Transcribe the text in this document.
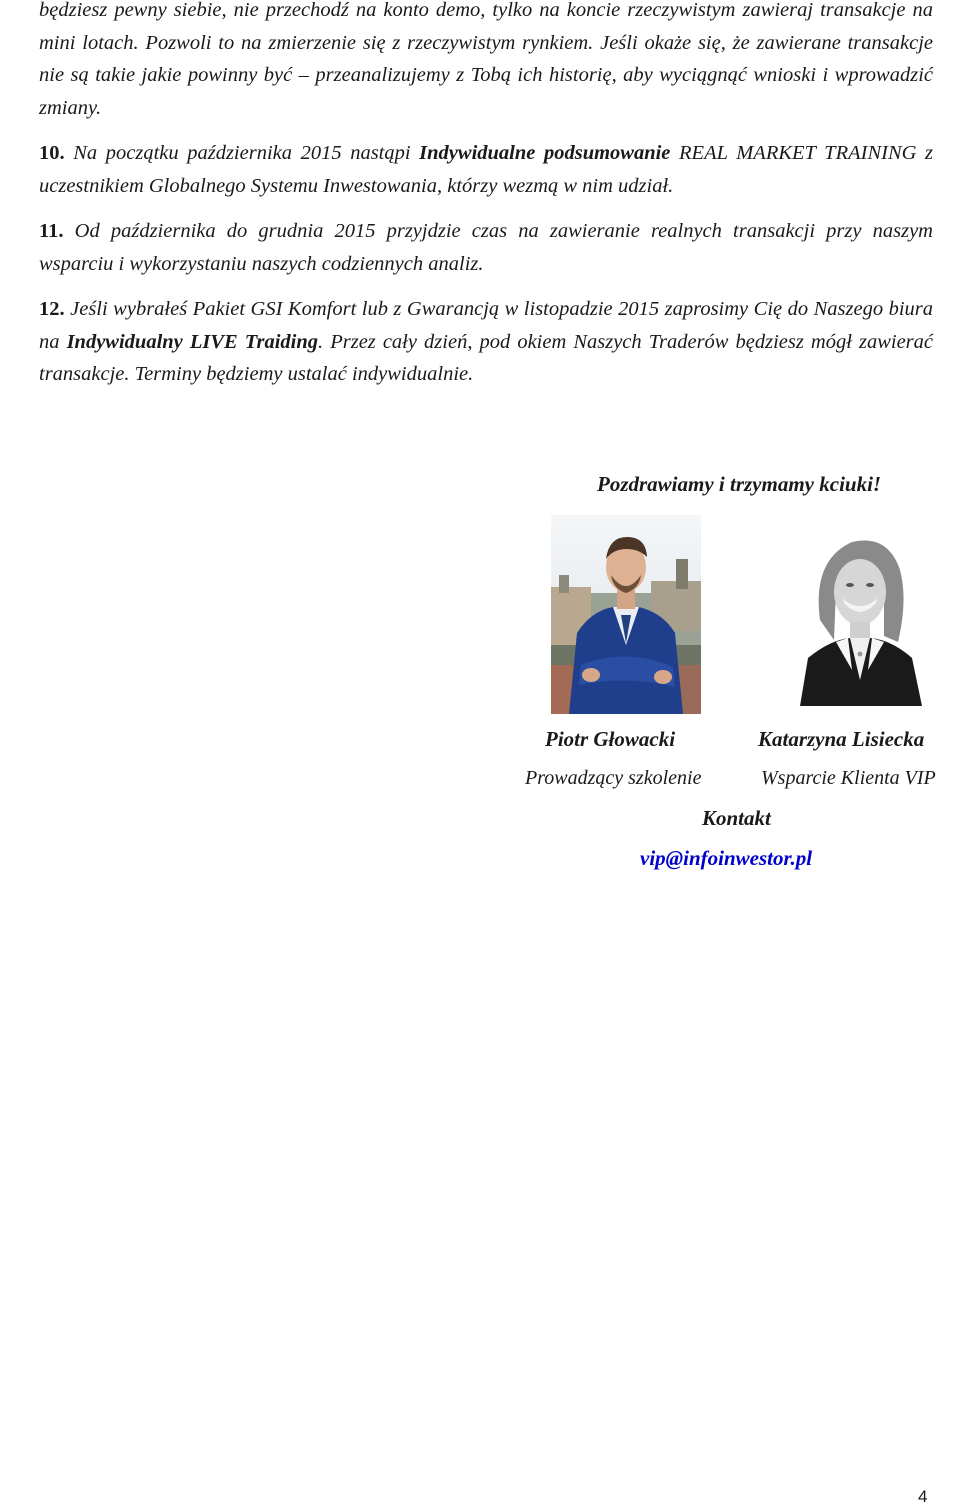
będziesz pewny siebie, nie przechodź na konto demo, tylko na koncie rzeczywistym zawieraj transakcje na mini lotach. Pozwoli to na zmierzenie się z rzeczywistym rynkiem. Jeśli okaże się, że zawierane transakcje nie są takie jakie powinny być – przeanalizujemy z Tobą ich historię, aby wyciągnąć wnioski i wprowadzić zmiany.

10. Na początku października 2015 nastąpi Indywidualne podsumowanie REAL MARKET TRAINING z uczestnikiem Globalnego Systemu Inwestowania, którzy wezmą w nim udział.

11. Od października do grudnia 2015 przyjdzie czas na zawieranie realnych transakcji przy naszym wsparciu i wykorzystaniu naszych codziennych analiz.

12. Jeśli wybrałeś Pakiet GSI Komfort lub z Gwarancją w listopadzie 2015 zaprosimy Cię do Naszego biura na Indywidualny LIVE Traiding. Przez cały dzień, pod okiem Naszych Traderów będziesz mógł zawierać transakcje. Terminy będziemy ustalać indywidualnie.

Pozdrawiamy i trzymamy kciuki!
Piotr Głowacki	Katarzyna Lisiecka
Prowadzący szkolenie	Wsparcie Klienta VIP
Kontakt
vip@infoinwestor.pl
4
